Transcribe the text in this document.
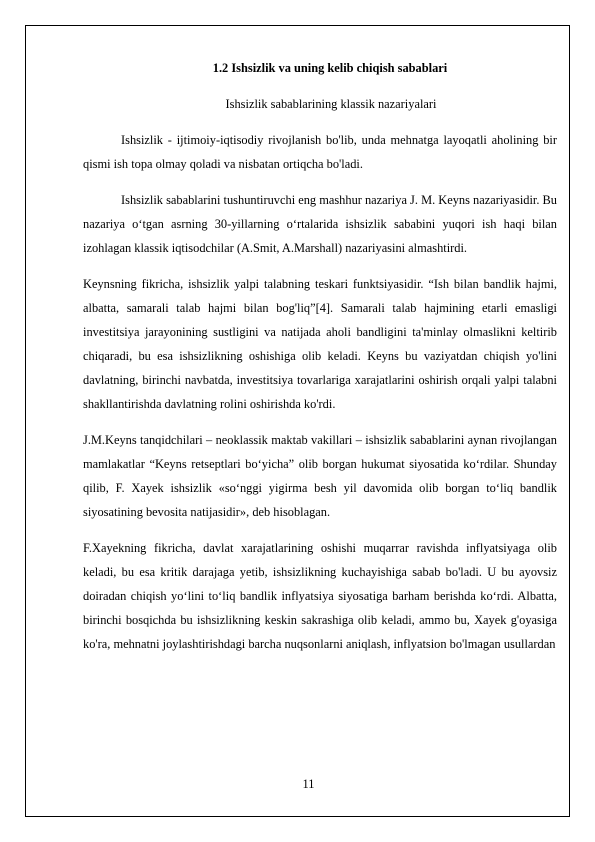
1.2 Ishsizlik va uning kelib chiqish sabablari

Ishsizlik sabablarining klassik nazariyalari

Ishsizlik - ijtimoiy-iqtisodiy rivojlanish bo'lib, unda mehnatga layoqatli aholining bir qismi ish topa olmay qoladi va nisbatan ortiqcha bo'ladi.

Ishsizlik sabablarini tushuntiruvchi eng mashhur nazariya J. M. Keyns nazariyasidir. Bu nazariya o‘tgan asrning 30-yillarning o‘rtalarida ishsizlik sababini yuqori ish haqi bilan izohlagan klassik iqtisodchilar (A.Smit, A.Marshall) nazariyasini almashtirdi.

Keynsning fikricha, ishsizlik yalpi talabning teskari funktsiyasidir. “Ish bilan bandlik hajmi, albatta, samarali talab hajmi bilan bog'liq”[4]. Samarali talab hajmining etarli emasligi investitsiya jarayonining sustligini va natijada aholi bandligini ta'minlay olmaslikni keltirib chiqaradi, bu esa ishsizlikning oshishiga olib keladi. Keyns bu vaziyatdan chiqish yo'lini davlatning, birinchi navbatda, investitsiya tovarlariga xarajatlarini oshirish orqali yalpi talabni shakllantirishda davlatning rolini oshirishda ko'rdi.

J.M.Keyns tanqidchilari – neoklassik maktab vakillari – ishsizlik sabablarini aynan rivojlangan mamlakatlar “Keyns retseptlari bo‘yicha” olib borgan hukumat siyosatida ko‘rdilar. Shunday qilib, F. Xayek ishsizlik «so‘nggi yigirma besh yil davomida olib borgan to‘liq bandlik siyosatining bevosita natijasidir», deb hisoblagan.

F.Xayekning fikricha, davlat xarajatlarining oshishi muqarrar ravishda inflyatsiyaga olib keladi, bu esa kritik darajaga yetib, ishsizlikning kuchayishiga sabab bo'ladi. U bu ayovsiz doiradan chiqish yo‘lini to‘liq bandlik inflyatsiya siyosatiga barham berishda ko‘rdi. Albatta, birinchi bosqichda bu ishsizlikning keskin sakrashiga olib keladi, ammo bu, Xayek g'oyasiga ko'ra, mehnatni joylashtirishdagi barcha nuqsonlarni aniqlash, inflyatsion bo'lmagan usullardan

11
